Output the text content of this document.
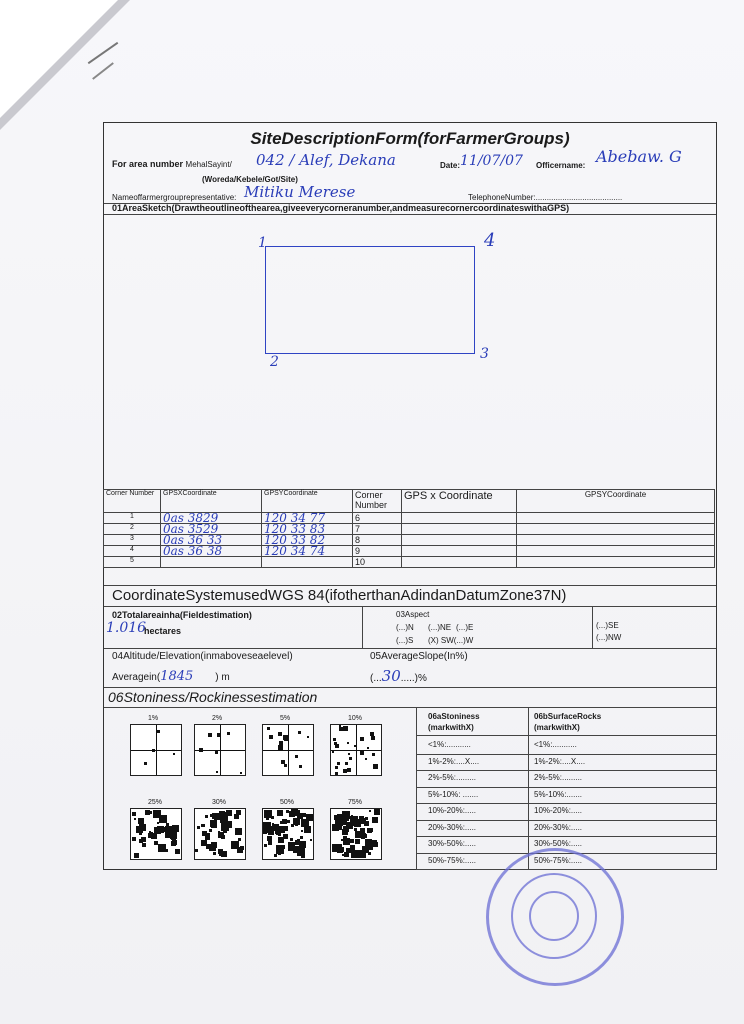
SiteDescriptionForm(forFarmerGroups)
For area number MehalSayint/ 042 / Alef, Dekana
(Woreda/Kebele/Got/Site)
Date: 11/07/07 Officername: Abebaw. G
Nameoffarmergrouprepresentative: Mitiku Merese	TelephoneNumber:.......................................
01AreaSketch(Drawtheoutlineofthearea,giveeverycorneranumber,andmeasurecornercoordinateswithaGPS)
CoordinateSystemusedWGS 84(ifotherthanAdindanDatumZone37N)
02Totalareainha(Fieldestimation)
1.016
hectares
03Aspect
(...)N (...)NE (...)E	(...)SE
(...)S (X) SW(...)W	(...)NW
04Altitude/Elevation(inmaboveseaelevel)
Averagein(1845 ) m
05AverageSlope(In%)
(...30.....)%
06Stoniness/Rockinessestimation
06aStoniness
(markwithX)
06bSurfaceRocks
(markwithX)
<1%:...........	<1%:...........
1%-2%:....X....	1%-2%:....X....
2%-5%:.........	2%-5%:.........
5%-10%: .......	5%-10%:.......
10%-20%:.....	10%-20%:.....
20%-30%:.....	20%-30%:.....
30%-50%:.....	30%-50%:.....
50%-75%:.....	50%-75%:.....
1	4
2	3
Corner Number	GPSXCoordinate	GPSYCoordinate	Corner Number	GPS x Coordinate	GPSYCoordinate
1	0as 3829	120 34 77	6		
2	0as 3529	120 33 83	7		
3	0as 36 33	120 33 82	8		
4	0as 36 38	120 34 74	9		
5			10		
1%	2%	5%	10%
25%	30%	50%	75%
